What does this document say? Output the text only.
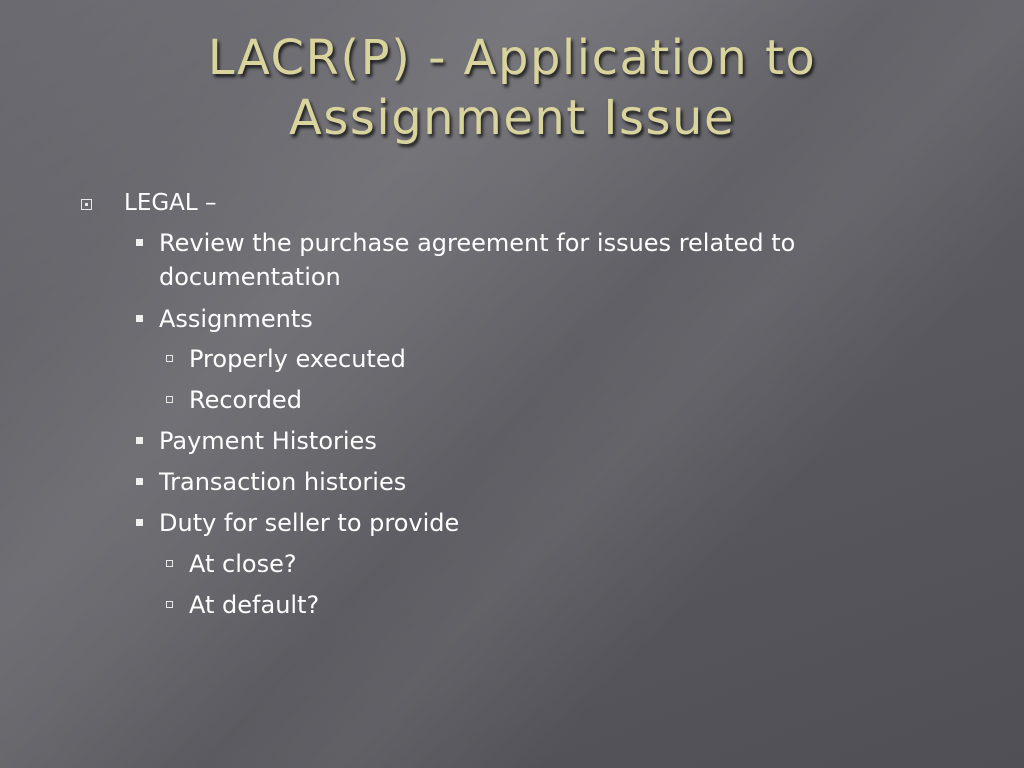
LACR(P) - Application to
Assignment Issue
LEGAL –
Review the purchase agreement for issues related to
documentation
Assignments
Properly executed
Recorded
Payment Histories
Transaction histories
Duty for seller to provide
At close?
At default?
